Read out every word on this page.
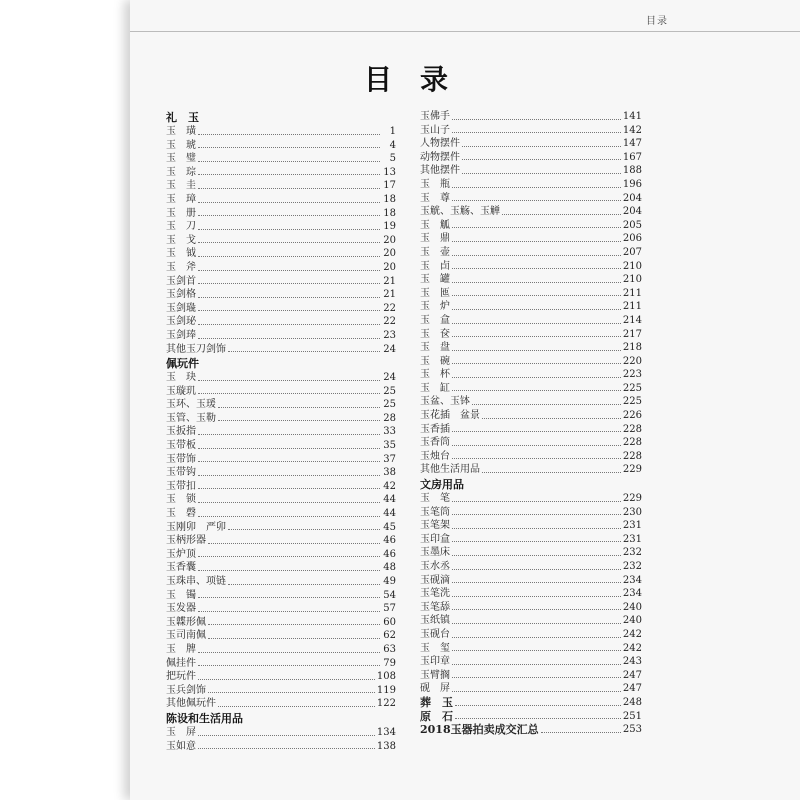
目录
目录
礼　玉
玉　璜	1
玉　琥	4
玉　璧	5
玉　琮	13
玉　圭	17
玉　璋	18
玉　册	18
玉　刀	19
玉　戈	20
玉　钺	20
玉　斧	20
玉剑首	21
玉剑格	21
玉剑璏	22
玉剑珌	22
玉剑琫	23
其他玉刀剑饰	24
佩玩件
玉　玦	24
玉璇玑	25
玉环、玉瑗	25
玉管、玉勒	28
玉扳指	33
玉带板	35
玉带饰	37
玉带钩	38
玉带扣	42
玉　锁	44
玉　磬	44
玉刚卯　严卯	45
玉柄形器	46
玉炉顶	46
玉香囊	48
玉珠串、项链	49
玉　镯	54
玉发器	57
玉韘形佩	60
玉司南佩	62
玉　牌	63
佩挂件	79
把玩件	108
玉兵剑饰	119
其他佩玩件	122
陈设和生活用品
玉　屏	134
玉如意	138
玉佛手	141
玉山子	142
人物摆件	147
动物摆件	167
其他摆件	188
玉　瓶	196
玉　尊	204
玉觥、玉觞、玉觯	204
玉　觚	205
玉　鼎	206
玉　壶	207
玉　卣	210
玉　罐	210
玉　匜	211
玉　炉	211
玉　盒	214
玉　奁	217
玉　盘	218
玉　碗	220
玉　杯	223
玉　缸	225
玉盆、玉钵	225
玉花插　盆景	226
玉香插	228
玉香筒	228
玉烛台	228
其他生活用品	229
文房用品
玉　笔	229
玉笔筒	230
玉笔架	231
玉印盒	231
玉墨床	232
玉水丞	232
玉砚滴	234
玉笔洗	234
玉笔舔	240
玉纸镇	240
玉砚台	242
玉　玺	242
玉印章	243
玉臂搁	247
砚　屏	247
葬　玉	248
原　石	251
2018玉器拍卖成交汇总	253
